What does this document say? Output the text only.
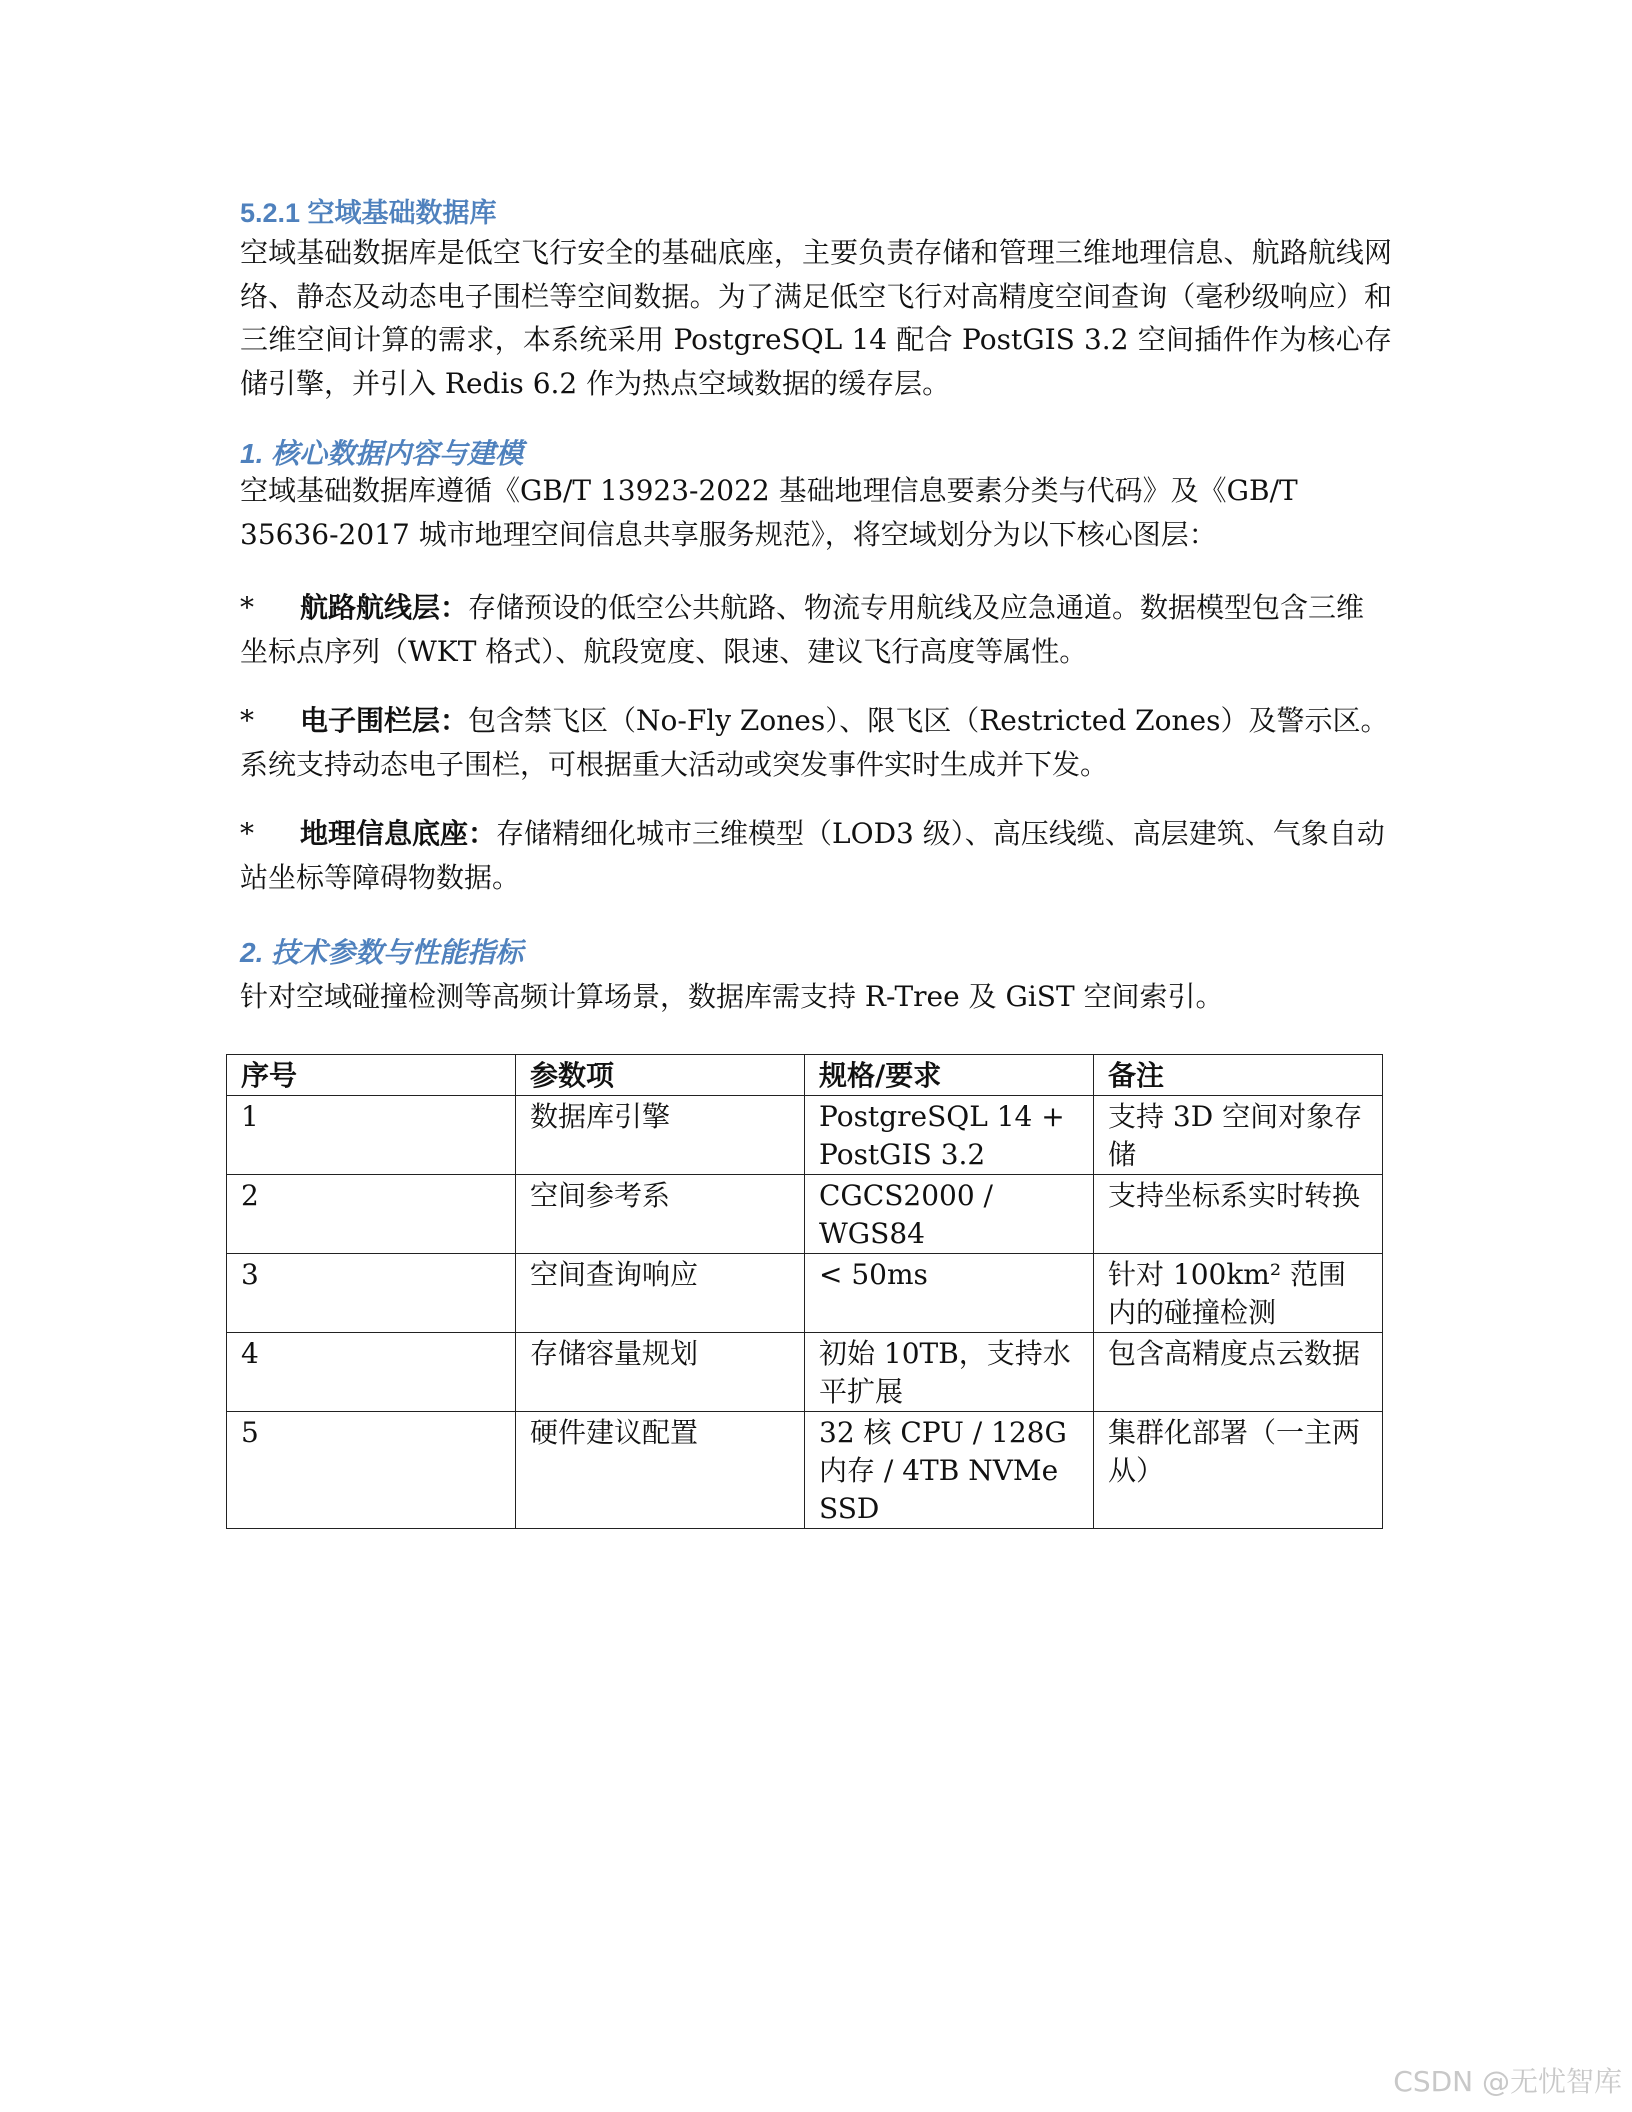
5.2.1 空域基础数据库
空域基础数据库是低空飞行安全的基础底座，主要负责存储和管理三维地理信息、航路航线网络、静态及动态电子围栏等空间数据。为了满足低空飞行对高精度空间查询（毫秒级响应）和三维空间计算的需求，本系统采用 PostgreSQL 14 配合 PostGIS 3.2 空间插件作为核心存储引擎，并引入 Redis 6.2 作为热点空域数据的缓存层。
1. 核心数据内容与建模
空域基础数据库遵循《GB/T 13923-2022 基础地理信息要素分类与代码》及《GB/T 35636-2017 城市地理空间信息共享服务规范》，将空域划分为以下核心图层：
* 航路航线层：存储预设的低空公共航路、物流专用航线及应急通道。数据模型包含三维坐标点序列（WKT 格式）、航段宽度、限速、建议飞行高度等属性。
* 电子围栏层：包含禁飞区（No-Fly Zones）、限飞区（Restricted Zones）及警示区。系统支持动态电子围栏，可根据重大活动或突发事件实时生成并下发。
* 地理信息底座：存储精细化城市三维模型（LOD3 级）、高压线缆、高层建筑、气象自动站坐标等障碍物数据。
2. 技术参数与性能指标
针对空域碰撞检测等高频计算场景，数据库需支持 R-Tree 及 GiST 空间索引。
序号	参数项	规格/要求	备注
1	数据库引擎	PostgreSQL 14 + PostGIS 3.2	支持 3D 空间对象存储
2	空间参考系	CGCS2000 / WGS84	支持坐标系实时转换
3	空间查询响应	< 50ms	针对 100km² 范围内的碰撞检测
4	存储容量规划	初始 10TB，支持水平扩展	包含高精度点云数据
5	硬件建议配置	32 核 CPU / 128G 内存 / 4TB NVMe SSD	集群化部署（一主两从）
CSDN @无忧智库
